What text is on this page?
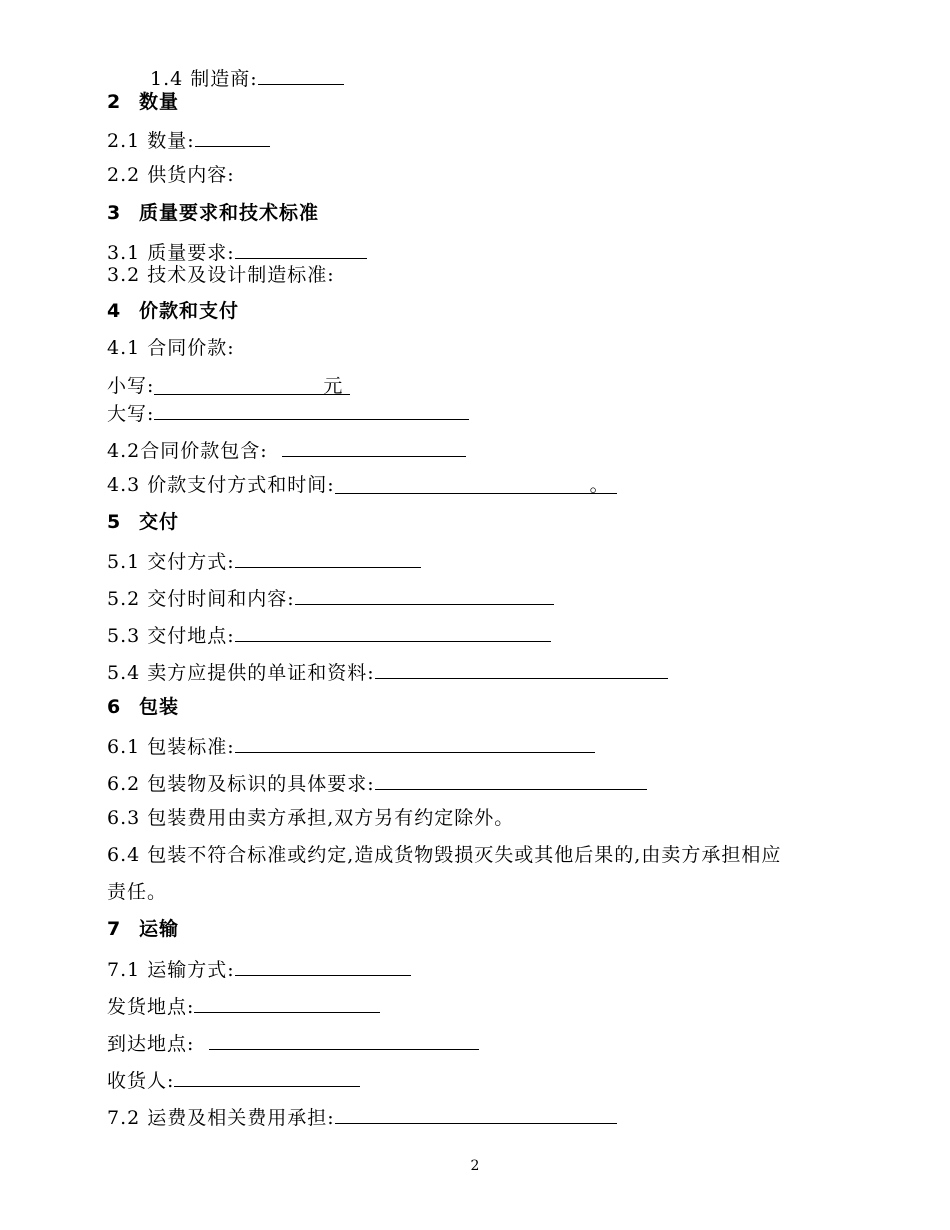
1.4 制造商:
2 数量
2.1 数量:
2.2 供货内容:
3 质量要求和技术标准
3.1 质量要求:
3.2 技术及设计制造标准:
4 价款和支付
4.1 合同价款:
小写:	元
大写:
4.2合同价款包含:
4.3 价款支付方式和时间:	。
5 交付
5.1 交付方式:
5.2 交付时间和内容:
5.3 交付地点:
5.4 卖方应提供的单证和资料:
6 包装
6.1 包装标准:
6.2 包装物及标识的具体要求:
6.3 包装费用由卖方承担,双方另有约定除外。
6.4 包装不符合标准或约定,造成货物毁损灭失或其他后果的,由卖方承担相应
责任。
7 运输
7.1 运输方式:
发货地点:
到达地点:
收货人:
7.2 运费及相关费用承担:
2
